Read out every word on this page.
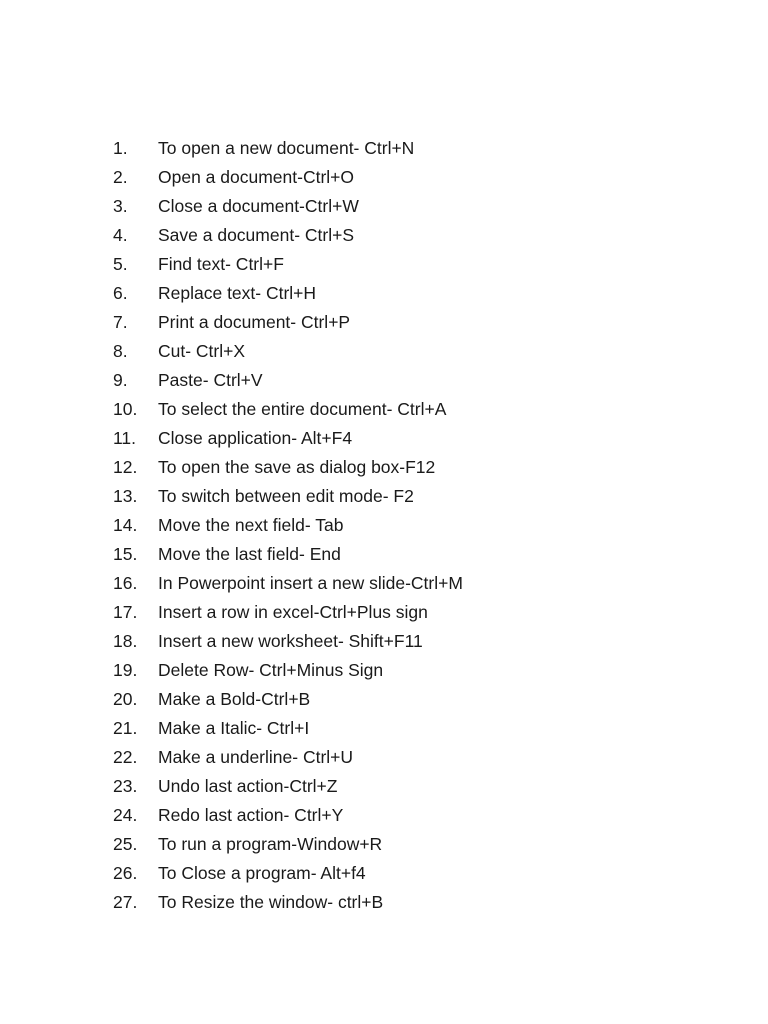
1. To open a new document- Ctrl+N
2. Open a document-Ctrl+O
3. Close a document-Ctrl+W
4. Save a document- Ctrl+S
5. Find text- Ctrl+F
6. Replace text- Ctrl+H
7. Print a document- Ctrl+P
8. Cut- Ctrl+X
9. Paste- Ctrl+V
10. To select the entire document- Ctrl+A
11. Close application- Alt+F4
12. To open the save as dialog box-F12
13. To switch between edit mode- F2
14. Move the next field- Tab
15. Move the last field- End
16. In Powerpoint insert a new slide-Ctrl+M
17. Insert a row in excel-Ctrl+Plus sign
18. Insert a new worksheet- Shift+F11
19. Delete Row- Ctrl+Minus Sign
20. Make a Bold-Ctrl+B
21. Make a Italic- Ctrl+I
22. Make a underline- Ctrl+U
23. Undo last action-Ctrl+Z
24. Redo last action- Ctrl+Y
25. To run a program-Window+R
26. To Close a program- Alt+f4
27. To Resize the window- ctrl+B
